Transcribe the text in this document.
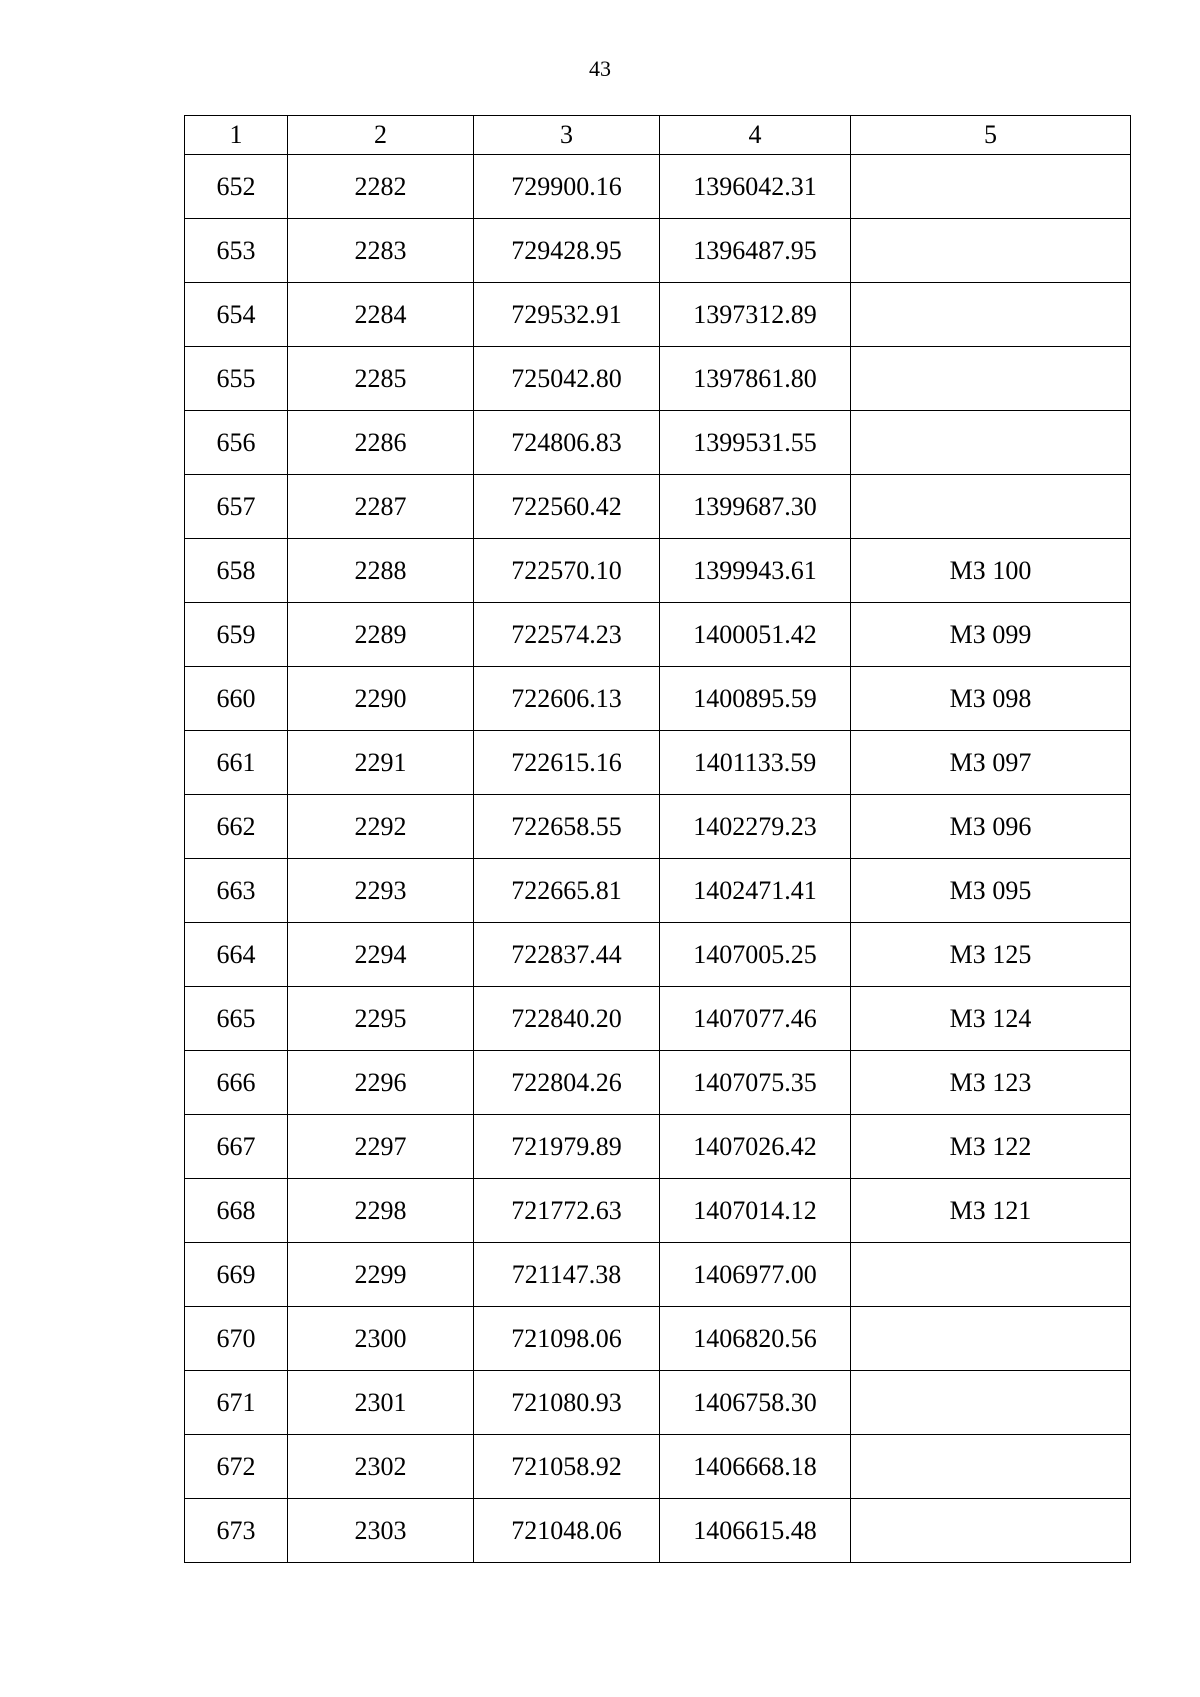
43
1	2	3	4	5
652	2282	729900.16	1396042.31	
653	2283	729428.95	1396487.95	
654	2284	729532.91	1397312.89	
655	2285	725042.80	1397861.80	
656	2286	724806.83	1399531.55	
657	2287	722560.42	1399687.30	
658	2288	722570.10	1399943.61	МЗ 100
659	2289	722574.23	1400051.42	МЗ 099
660	2290	722606.13	1400895.59	МЗ 098
661	2291	722615.16	1401133.59	МЗ 097
662	2292	722658.55	1402279.23	МЗ 096
663	2293	722665.81	1402471.41	МЗ 095
664	2294	722837.44	1407005.25	МЗ 125
665	2295	722840.20	1407077.46	МЗ 124
666	2296	722804.26	1407075.35	МЗ 123
667	2297	721979.89	1407026.42	МЗ 122
668	2298	721772.63	1407014.12	МЗ 121
669	2299	721147.38	1406977.00	
670	2300	721098.06	1406820.56	
671	2301	721080.93	1406758.30	
672	2302	721058.92	1406668.18	
673	2303	721048.06	1406615.48	
